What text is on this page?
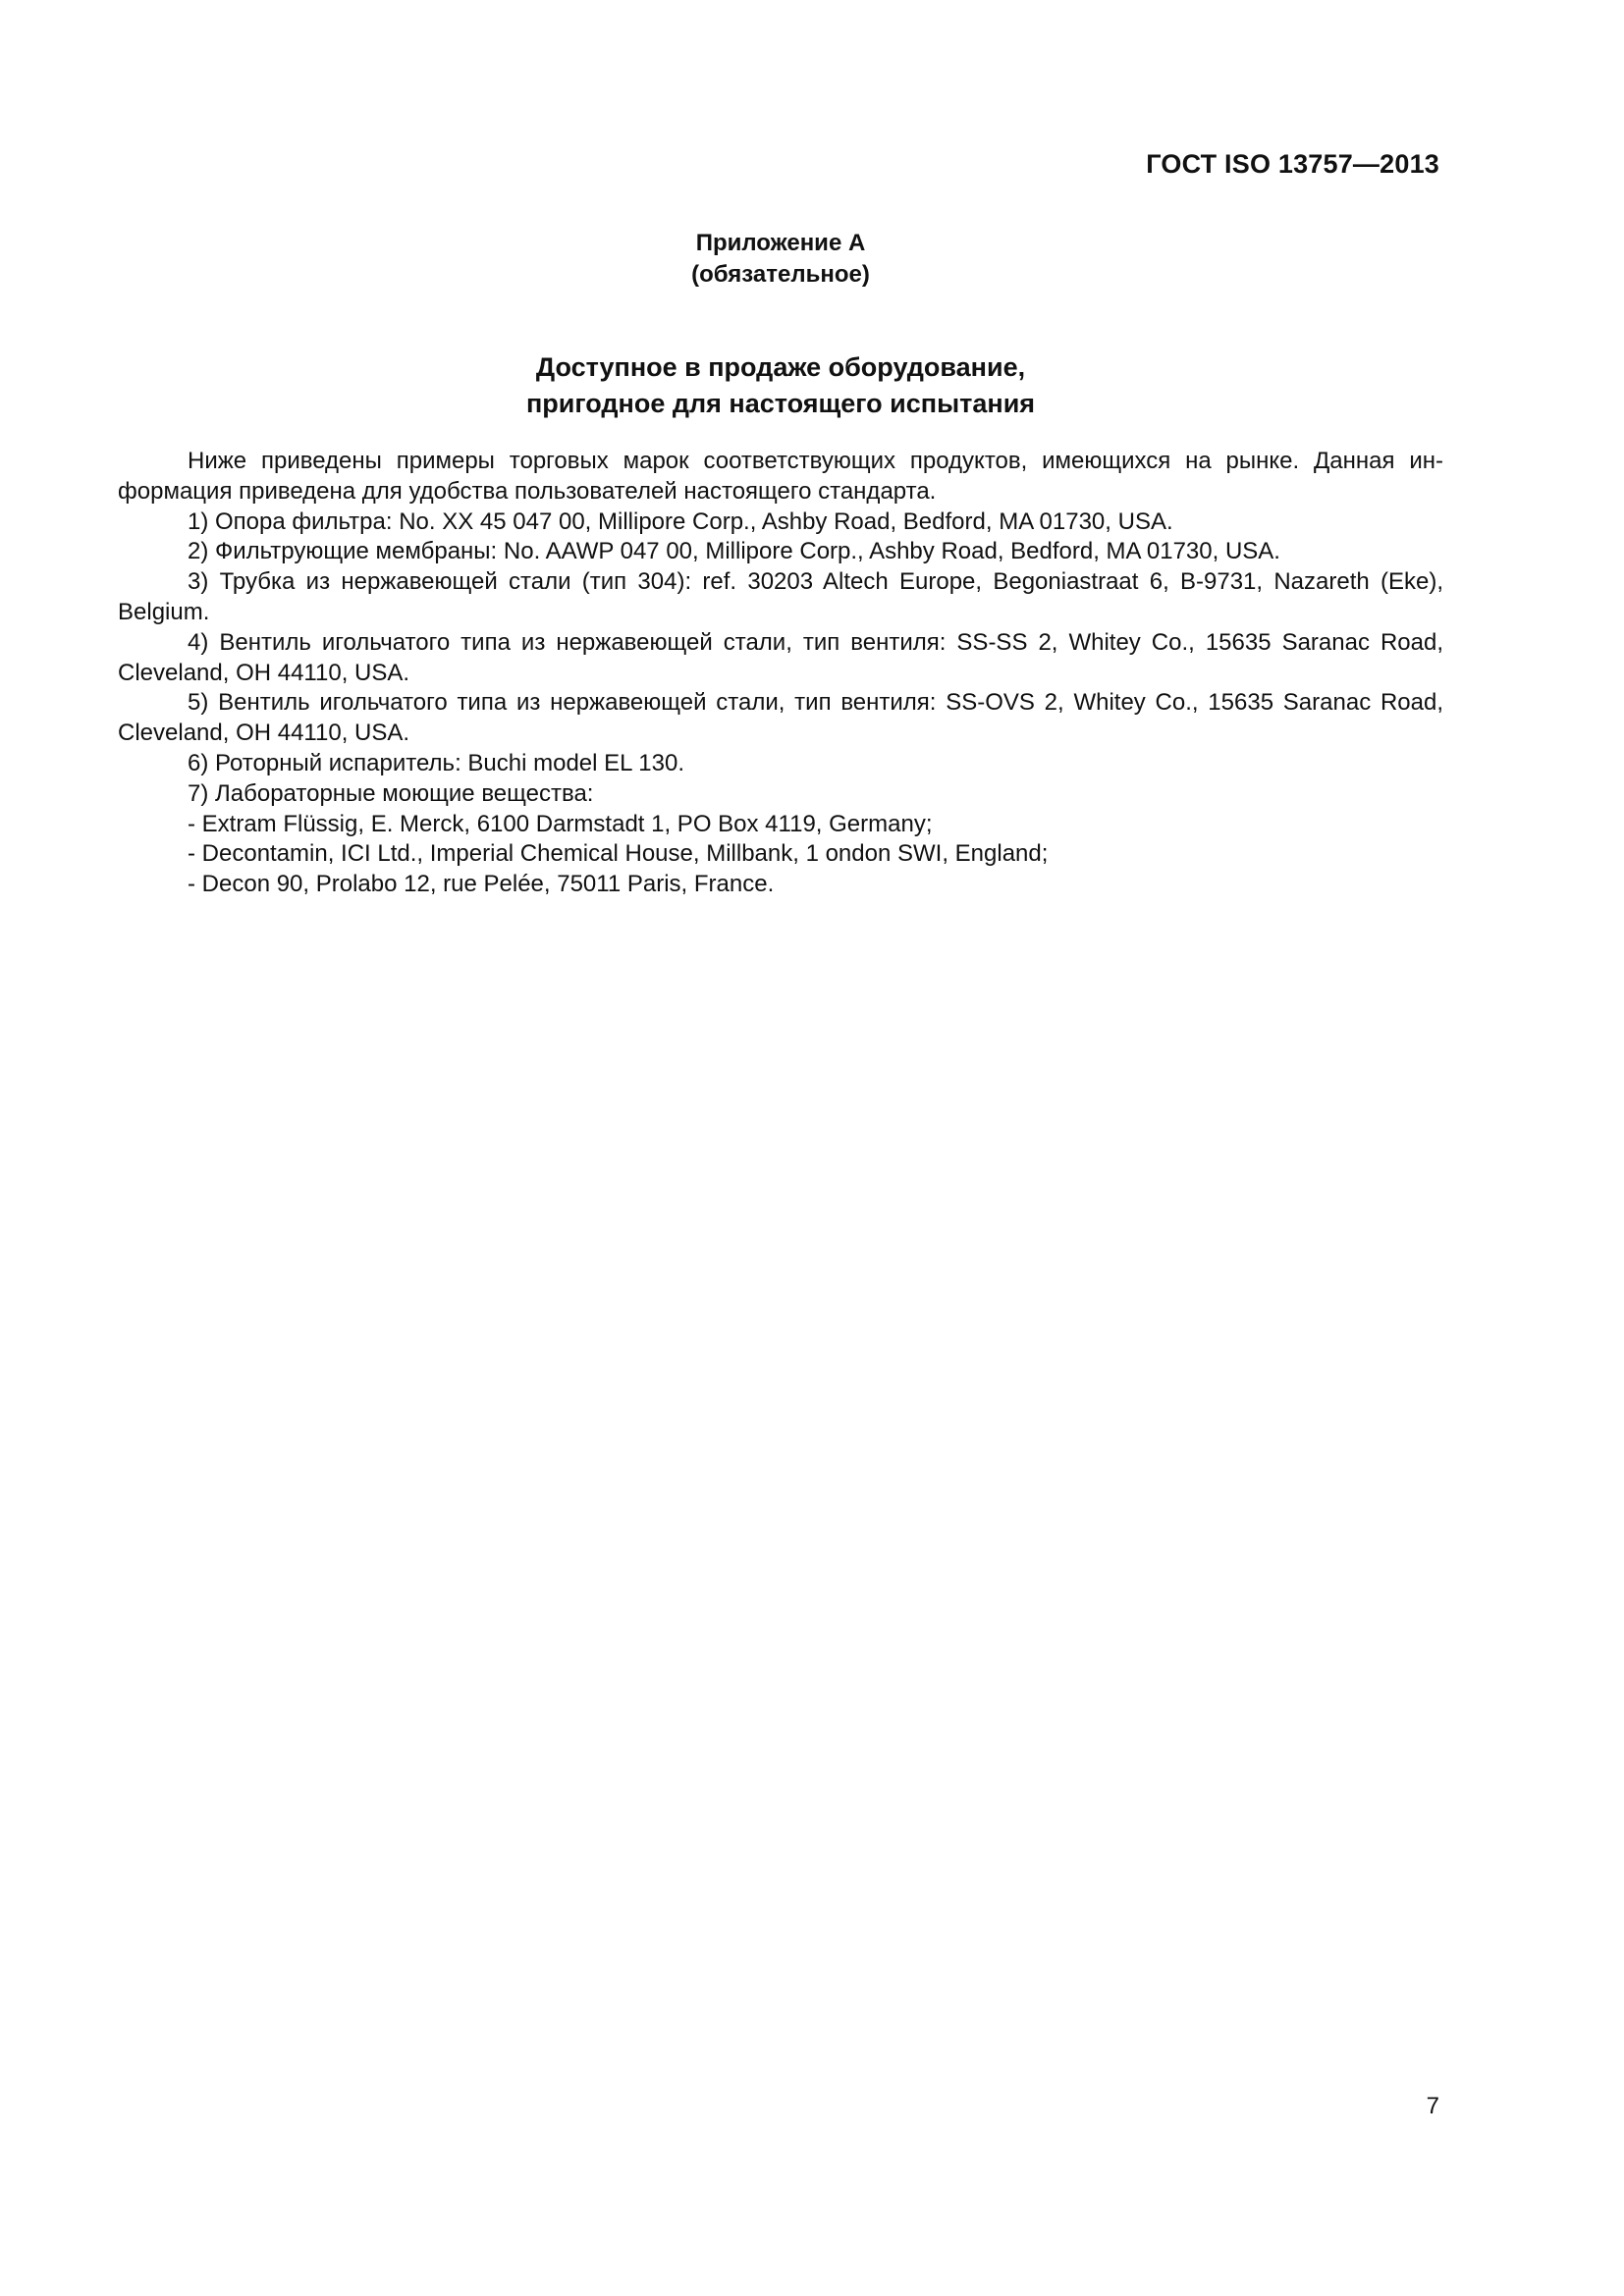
ГОСТ ISO 13757—2013
Приложение А
(обязательное)
Доступное в продаже оборудование,
пригодное для настоящего испытания

Ниже приведены примеры торговых марок соответствующих продуктов, имеющихся на рынке. Данная информация приведена для удобства пользователей настоящего стандарта.

1) Опора фильтра: No. XX 45 047 00, Millipore Corp., Ashby Road, Bedford, MA 01730, USA.

2) Фильтрующие мембраны: No. AAWP 047 00, Millipore Corp., Ashby Road, Bedford, MA 01730, USA.

3) Трубка из нержавеющей стали (тип 304): ref. 30203 Altech Europe, Begoniastraat 6, B-9731, Nazareth (Eke), Belgium.

4) Вентиль игольчатого типа из нержавеющей стали, тип вентиля: SS-SS 2, Whitey Co., 15635 Saranac Road, Cleveland, OH 44110, USA.

5) Вентиль игольчатого типа из нержавеющей стали, тип вентиля: SS-OVS 2, Whitey Co., 15635 Saranac Road, Cleveland, OH 44110, USA.

6) Роторный испаритель: Buchi model EL 130.

7) Лабораторные моющие вещества:

- Extram Flüssig, E. Merck, 6100 Darmstadt 1, PO Box 4119, Germany;

- Decontamin, ICI Ltd., Imperial Chemical House, Millbank, 1 ondon SWI, England;

- Decon 90, Prolabo 12, rue Pelée, 75011 Paris, France.

7
